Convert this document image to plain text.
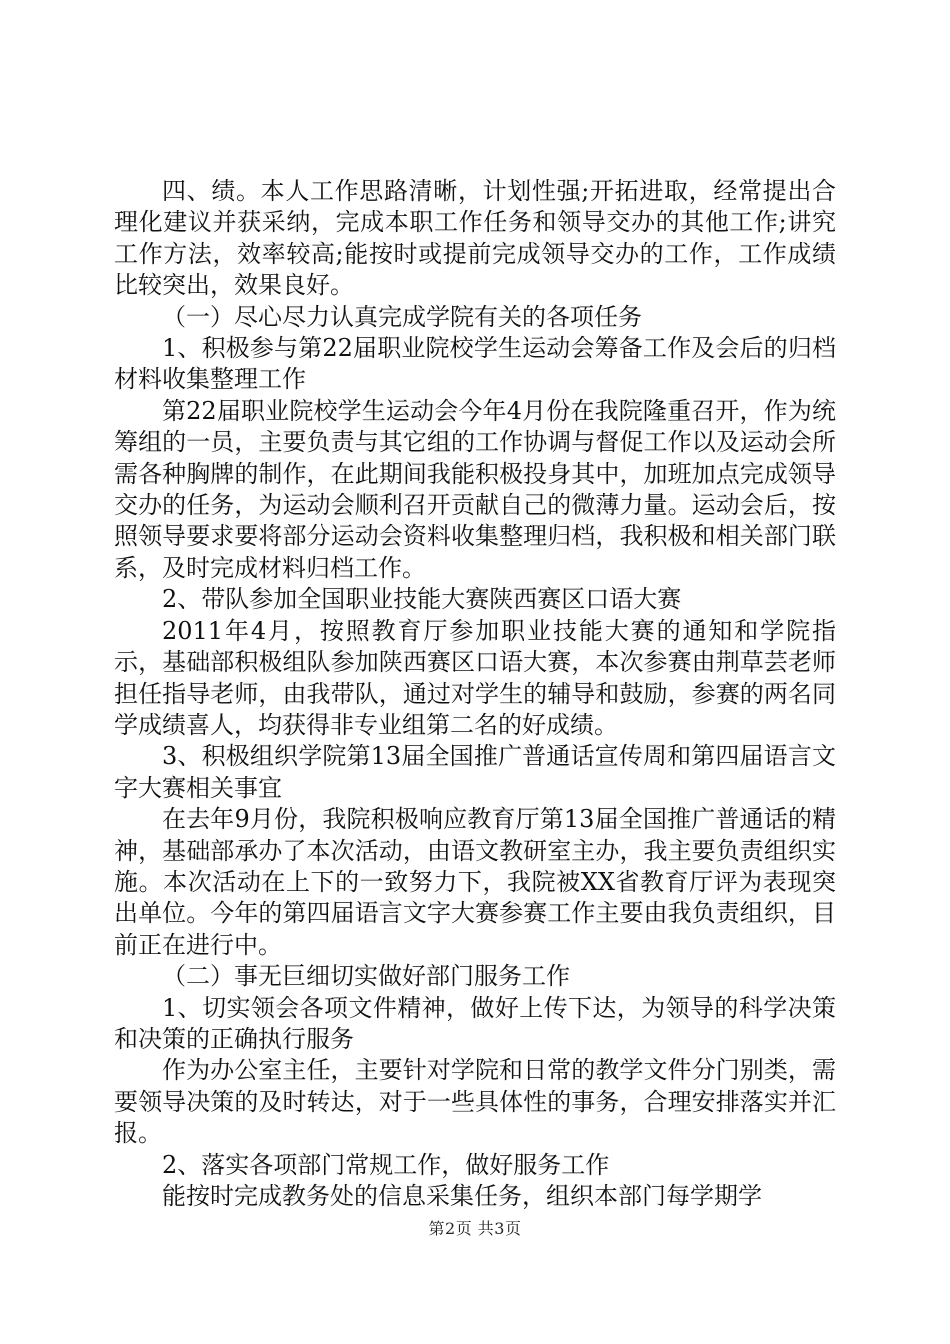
四、绩。本人工作思路清晰，计划性强;开拓进取，经常提出合理化建议并获采纳，完成本职工作任务和领导交办的其他工作;讲究工作方法，效率较高;能按时或提前完成领导交办的工作，工作成绩比较突出，效果良好。

（一）尽心尽力认真完成学院有关的各项任务

1、积极参与第22届职业院校学生运动会筹备工作及会后的归档材料收集整理工作

第22届职业院校学生运动会今年4月份在我院隆重召开，作为统筹组的一员，主要负责与其它组的工作协调与督促工作以及运动会所需各种胸牌的制作，在此期间我能积极投身其中，加班加点完成领导交办的任务，为运动会顺利召开贡献自己的微薄力量。运动会后，按照领导要求要将部分运动会资料收集整理归档，我积极和相关部门联系，及时完成材料归档工作。

2、带队参加全国职业技能大赛陕西赛区口语大赛

2011年4月，按照教育厅参加职业技能大赛的通知和学院指示，基础部积极组队参加陕西赛区口语大赛，本次参赛由荆草芸老师担任指导老师，由我带队，通过对学生的辅导和鼓励，参赛的两名同学成绩喜人，均获得非专业组第二名的好成绩。

3、积极组织学院第13届全国推广普通话宣传周和第四届语言文字大赛相关事宜

在去年9月份，我院积极响应教育厅第13届全国推广普通话的精神，基础部承办了本次活动，由语文教研室主办，我主要负责组织实施。本次活动在上下的一致努力下，我院被XX省教育厅评为表现突出单位。今年的第四届语言文字大赛参赛工作主要由我负责组织，目前正在进行中。

（二）事无巨细切实做好部门服务工作

1、切实领会各项文件精神，做好上传下达，为领导的科学决策和决策的正确执行服务

作为办公室主任，主要针对学院和日常的教学文件分门别类，需要领导决策的及时转达，对于一些具体性的事务，合理安排落实并汇报。

2、落实各项部门常规工作，做好服务工作

能按时完成教务处的信息采集任务，组织本部门每学期学

第2页 共3页
